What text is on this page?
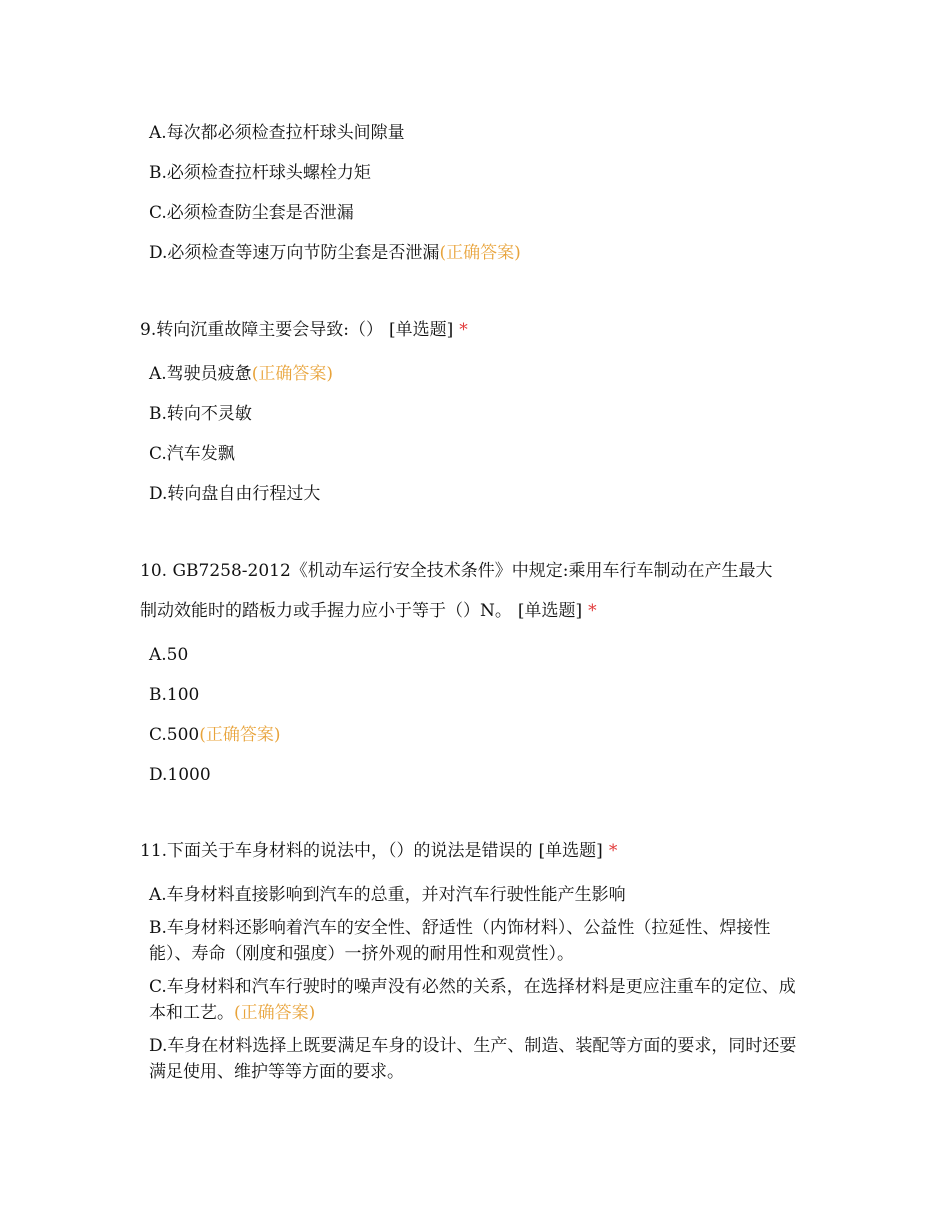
A.每次都必须检查拉杆球头间隙量
B.必须检查拉杆球头螺栓力矩
C.必须检查防尘套是否泄漏
D.必须检查等速万向节防尘套是否泄漏(正确答案)

9.转向沉重故障主要会导致:（） [单选题] *

A.驾驶员疲惫(正确答案)
B.转向不灵敏
C.汽车发飘
D.转向盘自由行程过大

10. GB7258-2012《机动车运行安全技术条件》中规定:乘用车行车制动在产生最大
制动效能时的踏板力或手握力应小于等于（）N。 [单选题] *

A.50
B.100
C.500(正确答案)
D.1000

11.下面关于车身材料的说法中，（）的说法是错误的 [单选题] *

A.车身材料直接影响到汽车的总重，并对汽车行驶性能产生影响
B.车身材料还影响着汽车的安全性、舒适性（内饰材料）、公益性（拉延性、焊接性能）、寿命（刚度和强度）一挤外观的耐用性和观赏性）。
C.车身材料和汽车行驶时的噪声没有必然的关系，在选择材料是更应注重车的定位、成本和工艺。(正确答案)
D.车身在材料选择上既要满足车身的设计、生产、制造、装配等方面的要求，同时还要满足使用、维护等等方面的要求。
